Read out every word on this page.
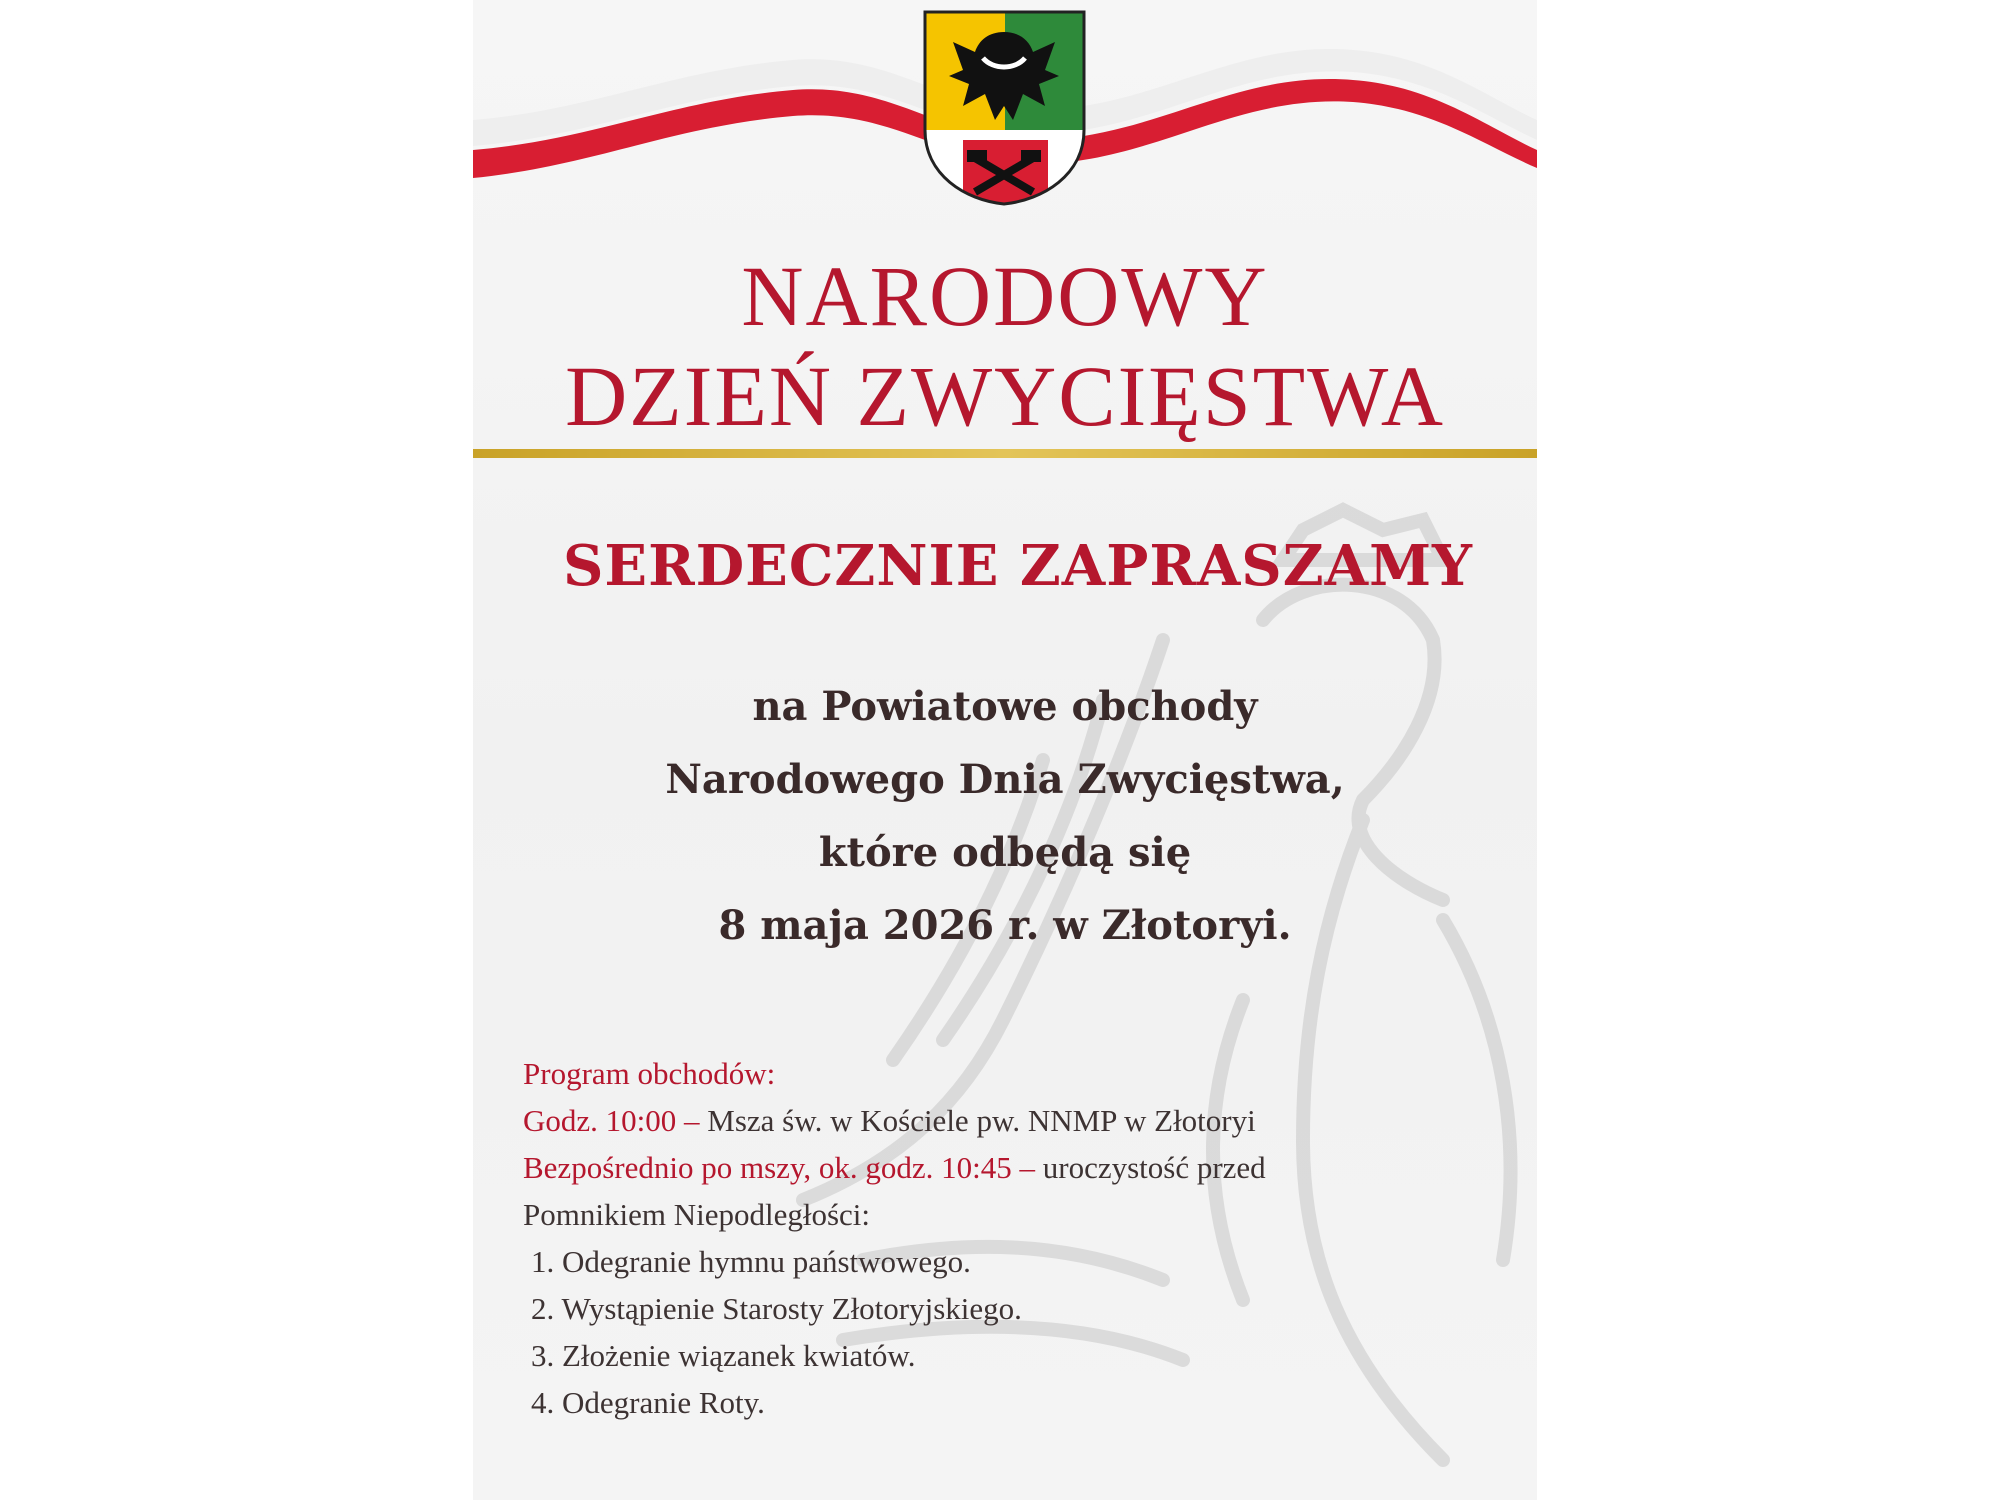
NARODOWY
DZIEŃ ZWYCIĘSTWA
SERDECZNIE ZAPRASZAMY
na Powiatowe obchody
Narodowego Dnia Zwycięstwa,
które odbędą się
8 maja 2026 r. w Złotoryi.
Program obchodów:
Godz. 10:00 – Msza św. w Kościele pw. NNMP w Złotoryi
Bezpośrednio po mszy, ok. godz. 10:45 – uroczystość przed
Pomnikiem Niepodległości:
1. Odegranie hymnu państwowego.
2. Wystąpienie Starosty Złotoryjskiego.
3. Złożenie wiązanek kwiatów.
4. Odegranie Roty.
